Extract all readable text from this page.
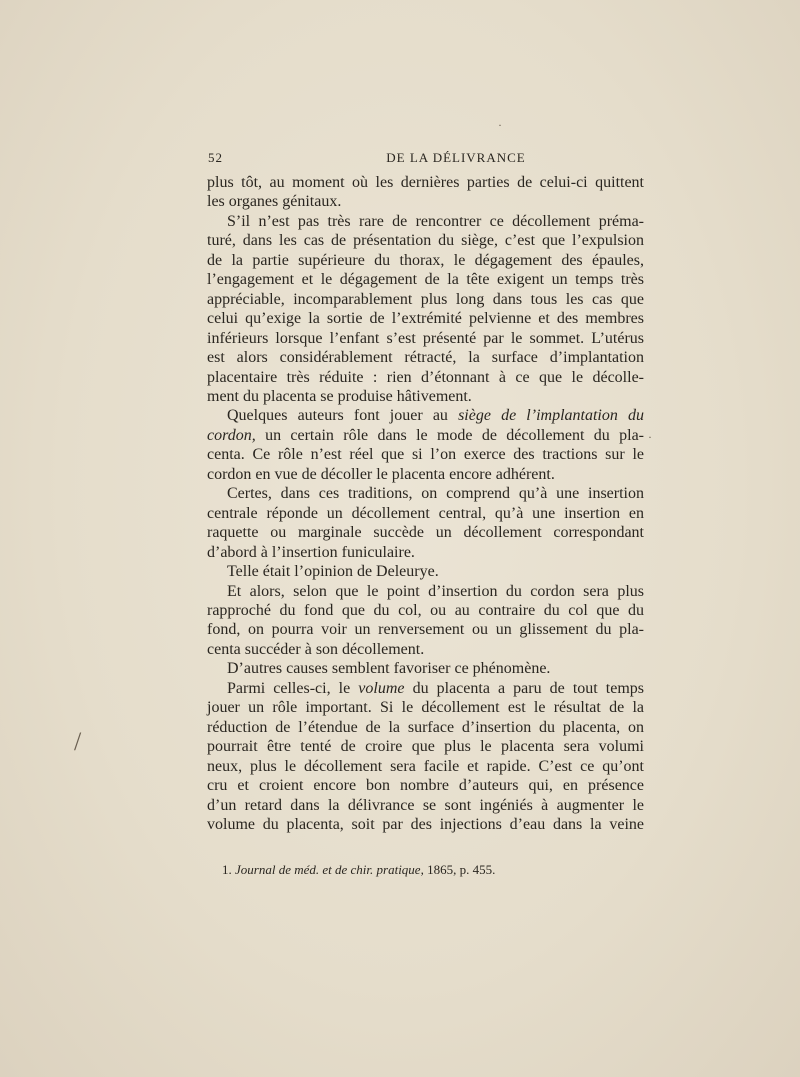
52	DE LA DÉLIVRANCE
plus tôt, au moment où les dernières parties de celui-ci quittent
les organes génitaux.
S’il n’est pas très rare de rencontrer ce décollement préma-
turé, dans les cas de présentation du siège, c’est que l’expulsion
de la partie supérieure du thorax, le dégagement des épaules,
l’engagement et le dégagement de la tête exigent un temps très
appréciable, incomparablement plus long dans tous les cas que
celui qu’exige la sortie de l’extrémité pelvienne et des membres
inférieurs lorsque l’enfant s’est présenté par le sommet. L’utérus
est alors considérablement rétracté, la surface d’implantation
placentaire très réduite : rien d’étonnant à ce que le décolle-
ment du placenta se produise hâtivement.
Quelques auteurs font jouer au siège de l’implantation du
cordon, un certain rôle dans le mode de décollement du pla-
centa. Ce rôle n’est réel que si l’on exerce des tractions sur le
cordon en vue de décoller le placenta encore adhérent.
Certes, dans ces traditions, on comprend qu’à une insertion
centrale réponde un décollement central, qu’à une insertion en
raquette ou marginale succède un décollement correspondant
d’abord à l’insertion funiculaire.
Telle était l’opinion de Deleurye.
Et alors, selon que le point d’insertion du cordon sera plus
rapproché du fond que du col, ou au contraire du col que du
fond, on pourra voir un renversement ou un glissement du pla-
centa succéder à son décollement.
D’autres causes semblent favoriser ce phénomène.
Parmi celles-ci, le volume du placenta a paru de tout temps
jouer un rôle important. Si le décollement est le résultat de la
réduction de l’étendue de la surface d’insertion du placenta, on
pourrait être tenté de croire que plus le placenta sera volumi
neux, plus le décollement sera facile et rapide. C’est ce qu’ont
cru et croient encore bon nombre d’auteurs qui, en présence
d’un retard dans la délivrance se sont ingéniés à augmenter le
volume du placenta, soit par des injections d’eau dans la veine
1. Journal de méd. et de chir. pratique, 1865, p. 455.
/
·
·
